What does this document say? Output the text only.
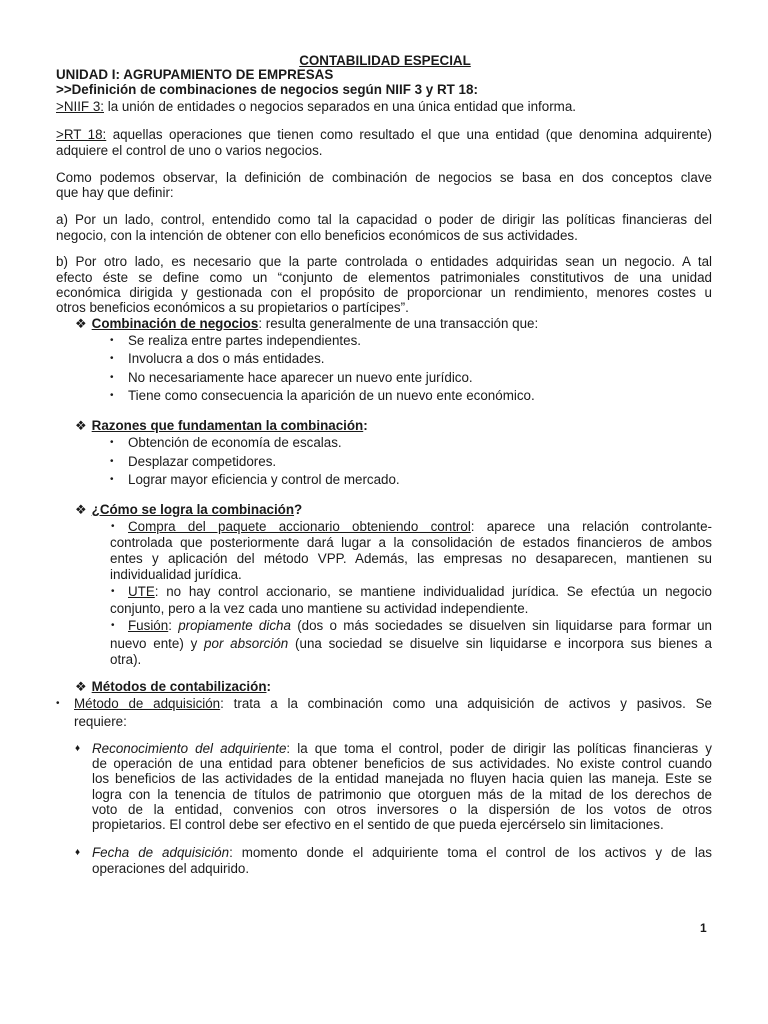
CONTABILIDAD ESPECIAL
UNIDAD I: AGRUPAMIENTO DE EMPRESAS
>>Definición de combinaciones de negocios según NIIF 3 y RT 18:
>NIIF 3: la unión de entidades o negocios separados en una única entidad que informa.
>RT 18: aquellas operaciones que tienen como resultado el que una entidad (que denomina adquirente)
adquiere el control de uno o varios negocios.
Como podemos observar, la definición de combinación de negocios se basa en dos conceptos clave
que hay que definir:
a) Por un lado, control, entendido como tal la capacidad o poder de dirigir las políticas financieras del
negocio, con la intención de obtener con ello beneficios económicos de sus actividades.
b) Por otro lado, es necesario que la parte controlada o entidades adquiridas sean un negocio. A tal
efecto éste se define como un “conjunto de elementos patrimoniales constitutivos de una unidad
económica dirigida y gestionada con el propósito de proporcionar un rendimiento, menores costes u
otros beneficios económicos a su propietarios o partícipes”.
❖ Combinación de negocios: resulta generalmente de una transacción que:
• Se realiza entre partes independientes.
• Involucra a dos o más entidades.
• No necesariamente hace aparecer un nuevo ente jurídico.
• Tiene como consecuencia la aparición de un nuevo ente económico.
❖ Razones que fundamentan la combinación:
• Obtención de economía de escalas.
• Desplazar competidores.
• Lograr mayor eficiencia y control de mercado.
❖ ¿Cómo se logra la combinación?
• Compra del paquete accionario obteniendo control: aparece una relación controlante-
controlada que posteriormente dará lugar a la consolidación de estados financieros de ambos
entes y aplicación del método VPP. Además, las empresas no desaparecen, mantienen su
individualidad jurídica.
• UTE: no hay control accionario, se mantiene individualidad jurídica. Se efectúa un negocio
conjunto, pero a la vez cada uno mantiene su actividad independiente.
• Fusión: propiamente dicha (dos o más sociedades se disuelven sin liquidarse para formar un
nuevo ente) y por absorción (una sociedad se disuelve sin liquidarse e incorpora sus bienes a
otra).
❖ Métodos de contabilización:
• Método de adquisición: trata a la combinación como una adquisición de activos y pasivos. Se
requiere:
♦ Reconocimiento del adquiriente: la que toma el control, poder de dirigir las políticas financieras y
de operación de una entidad para obtener beneficios de sus actividades. No existe control cuando
los beneficios de las actividades de la entidad manejada no fluyen hacia quien las maneja. Este se
logra con la tenencia de títulos de patrimonio que otorguen más de la mitad de los derechos de
voto de la entidad, convenios con otros inversores o la dispersión de los votos de otros
propietarios. El control debe ser efectivo en el sentido de que pueda ejercérselo sin limitaciones.
♦ Fecha de adquisición: momento donde el adquiriente toma el control de los activos y de las
operaciones del adquirido.
1
